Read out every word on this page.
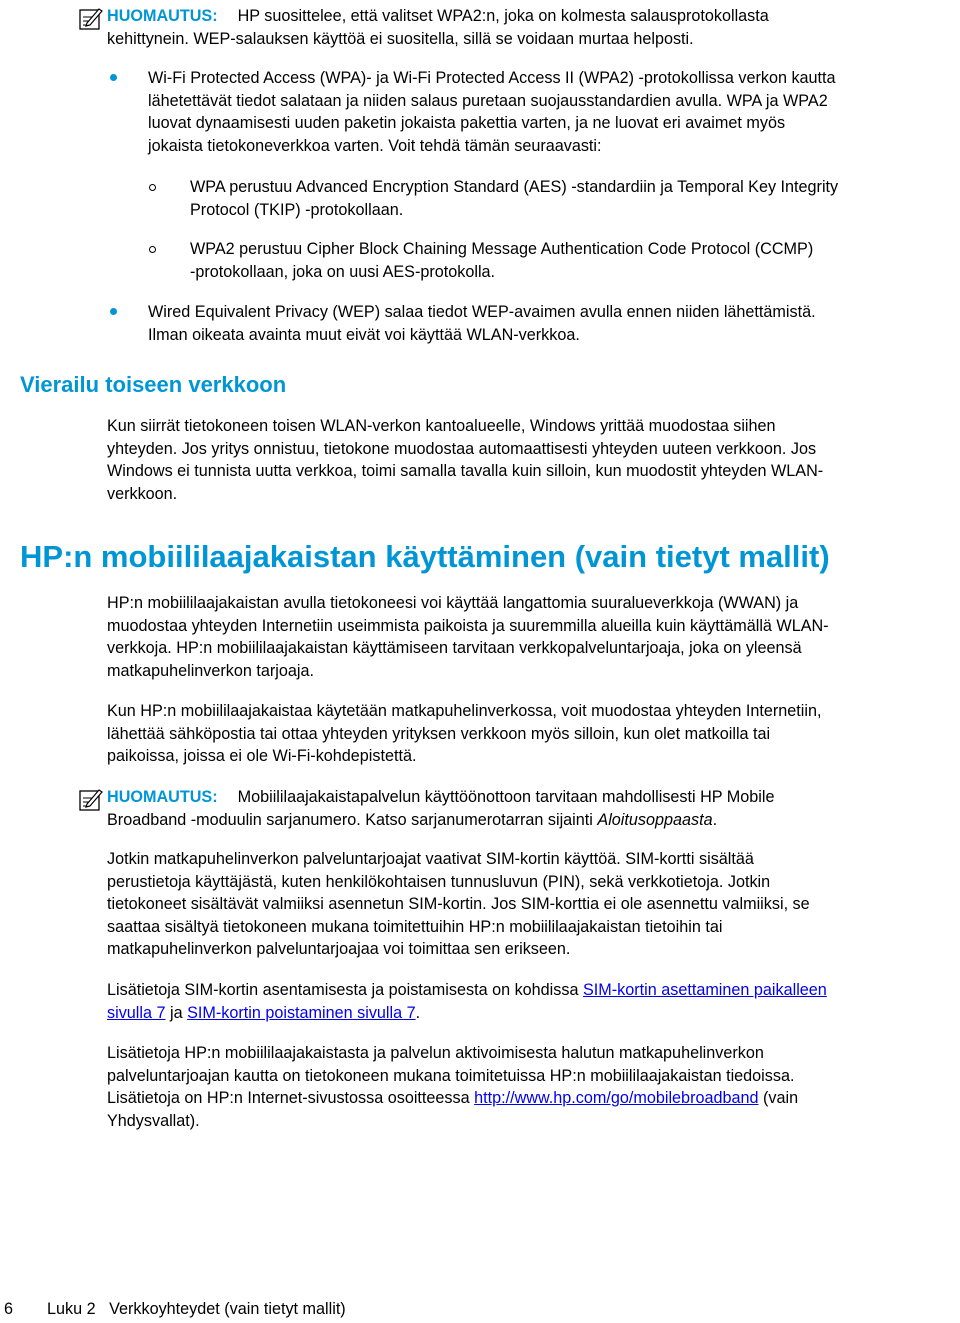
HUOMAUTUS: HP suosittelee, että valitset WPA2:n, joka on kolmesta salausprotokollasta
kehittynein. WEP-salauksen käyttöä ei suositella, sillä se voidaan murtaa helposti.
Wi-Fi Protected Access (WPA)- ja Wi-Fi Protected Access II (WPA2) -protokollissa verkon kautta
lähetettävät tiedot salataan ja niiden salaus puretaan suojausstandardien avulla. WPA ja WPA2
luovat dynaamisesti uuden paketin jokaista pakettia varten, ja ne luovat eri avaimet myös
jokaista tietokoneverkkoa varten. Voit tehdä tämän seuraavasti:
WPA perustuu Advanced Encryption Standard (AES) -standardiin ja Temporal Key Integrity
Protocol (TKIP) -protokollaan.
WPA2 perustuu Cipher Block Chaining Message Authentication Code Protocol (CCMP)
-protokollaan, joka on uusi AES-protokolla.
Wired Equivalent Privacy (WEP) salaa tiedot WEP-avaimen avulla ennen niiden lähettämistä.
Ilman oikeata avainta muut eivät voi käyttää WLAN-verkkoa.
Vierailu toiseen verkkoon
Kun siirrät tietokoneen toisen WLAN-verkon kantoalueelle, Windows yrittää muodostaa siihen
yhteyden. Jos yritys onnistuu, tietokone muodostaa automaattisesti yhteyden uuteen verkkoon. Jos
Windows ei tunnista uutta verkkoa, toimi samalla tavalla kuin silloin, kun muodostit yhteyden WLAN-
verkkoon.
HP:n mobiililaajakaistan käyttäminen (vain tietyt mallit)
HP:n mobiililaajakaistan avulla tietokoneesi voi käyttää langattomia suuralueverkkoja (WWAN) ja
muodostaa yhteyden Internetiin useimmista paikoista ja suuremmilla alueilla kuin käyttämällä WLAN-
verkkoja. HP:n mobiililaajakaistan käyttämiseen tarvitaan verkkopalveluntarjoaja, joka on yleensä
matkapuhelinverkon tarjoaja.
Kun HP:n mobiililaajakaistaa käytetään matkapuhelinverkossa, voit muodostaa yhteyden Internetiin,
lähettää sähköpostia tai ottaa yhteyden yrityksen verkkoon myös silloin, kun olet matkoilla tai
paikoissa, joissa ei ole Wi-Fi-kohdepistettä.
HUOMAUTUS: Mobiililaajakaistapalvelun käyttöönottoon tarvitaan mahdollisesti HP Mobile
Broadband -moduulin sarjanumero. Katso sarjanumerotarran sijainti Aloitusoppaasta.
Jotkin matkapuhelinverkon palveluntarjoajat vaativat SIM-kortin käyttöä. SIM-kortti sisältää
perustietoja käyttäjästä, kuten henkilökohtaisen tunnusluvun (PIN), sekä verkkotietoja. Jotkin
tietokoneet sisältävät valmiiksi asennetun SIM-kortin. Jos SIM-korttia ei ole asennettu valmiiksi, se
saattaa sisältyä tietokoneen mukana toimitettuihin HP:n mobiililaajakaistan tietoihin tai
matkapuhelinverkon palveluntarjoajaa voi toimittaa sen erikseen.
Lisätietoja SIM-kortin asentamisesta ja poistamisesta on kohdissa SIM-kortin asettaminen paikalleen
sivulla 7 ja SIM-kortin poistaminen sivulla 7.
Lisätietoja HP:n mobiililaajakaistasta ja palvelun aktivoimisesta halutun matkapuhelinverkon
palveluntarjoajan kautta on tietokoneen mukana toimitetuissa HP:n mobiililaajakaistan tiedoissa.
Lisätietoja on HP:n Internet-sivustossa osoitteessa http://www.hp.com/go/mobilebroadband (vain
Yhdysvallat).
6 Luku 2   Verkkoyhteydet (vain tietyt mallit)
